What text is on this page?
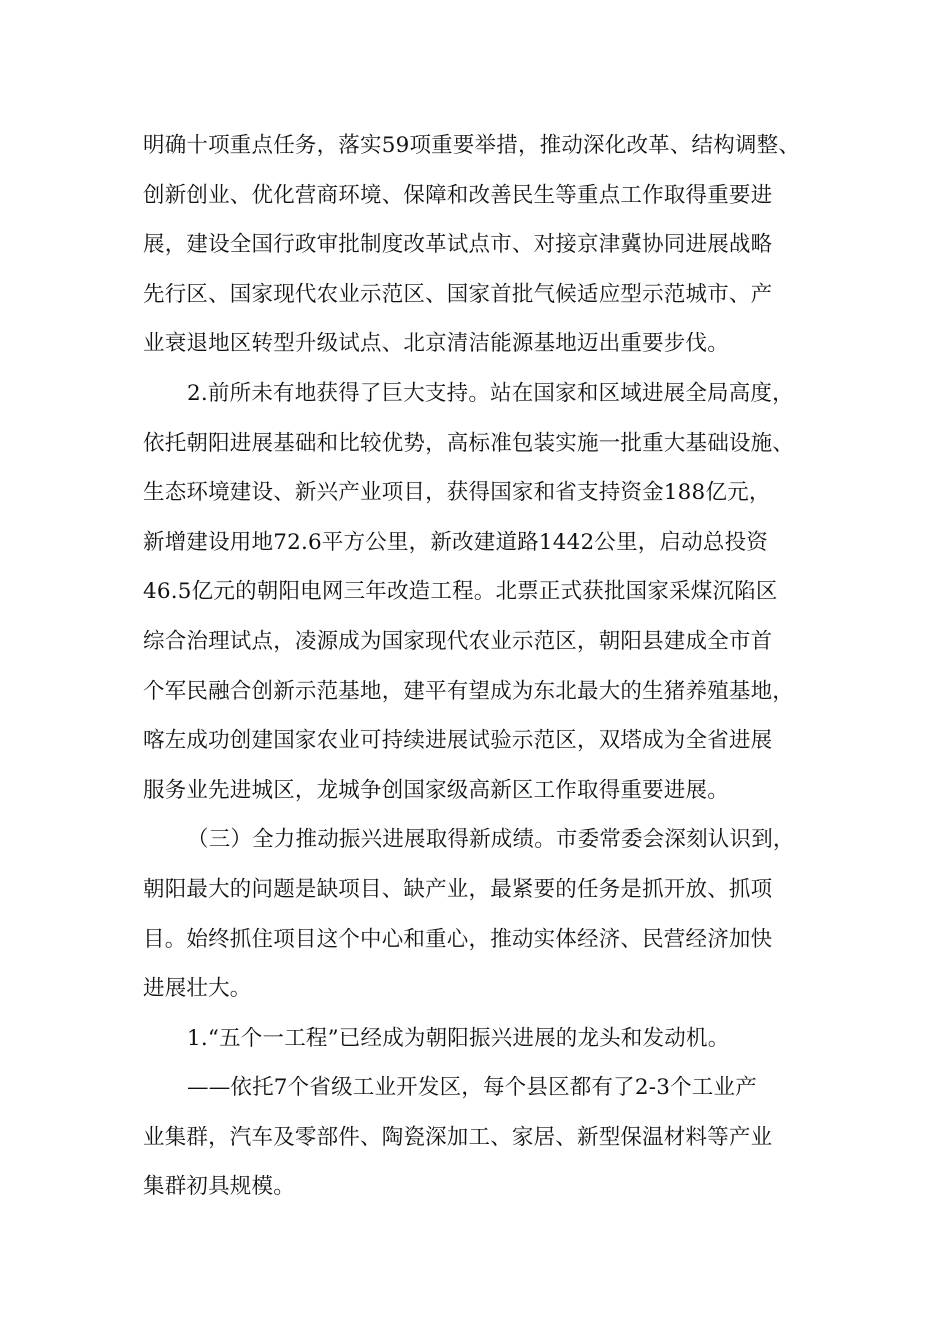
明确十项重点任务，落实59项重要举措，推动深化改革、结构调整、
创新创业、优化营商环境、保障和改善民生等重点工作取得重要进
展，建设全国行政审批制度改革试点市、对接京津冀协同进展战略
先行区、国家现代农业示范区、国家首批气候适应型示范城市、产
业衰退地区转型升级试点、北京清洁能源基地迈出重要步伐。
2.前所未有地获得了巨大支持。站在国家和区域进展全局高度，
依托朝阳进展基础和比较优势，高标准包装实施一批重大基础设施、
生态环境建设、新兴产业项目，获得国家和省支持资金188亿元，
新增建设用地72.6平方公里，新改建道路1442公里，启动总投资
46.5亿元的朝阳电网三年改造工程。北票正式获批国家采煤沉陷区
综合治理试点，凌源成为国家现代农业示范区，朝阳县建成全市首
个军民融合创新示范基地，建平有望成为东北最大的生猪养殖基地，
喀左成功创建国家农业可持续进展试验示范区，双塔成为全省进展
服务业先进城区，龙城争创国家级高新区工作取得重要进展。
（三）全力推动振兴进展取得新成绩。市委常委会深刻认识到，
朝阳最大的问题是缺项目、缺产业，最紧要的任务是抓开放、抓项
目。始终抓住项目这个中心和重心，推动实体经济、民营经济加快
进展壮大。
1.“五个一工程”已经成为朝阳振兴进展的龙头和发动机。
——依托7个省级工业开发区，每个县区都有了2-3个工业产
业集群，汽车及零部件、陶瓷深加工、家居、新型保温材料等产业
集群初具规模。
